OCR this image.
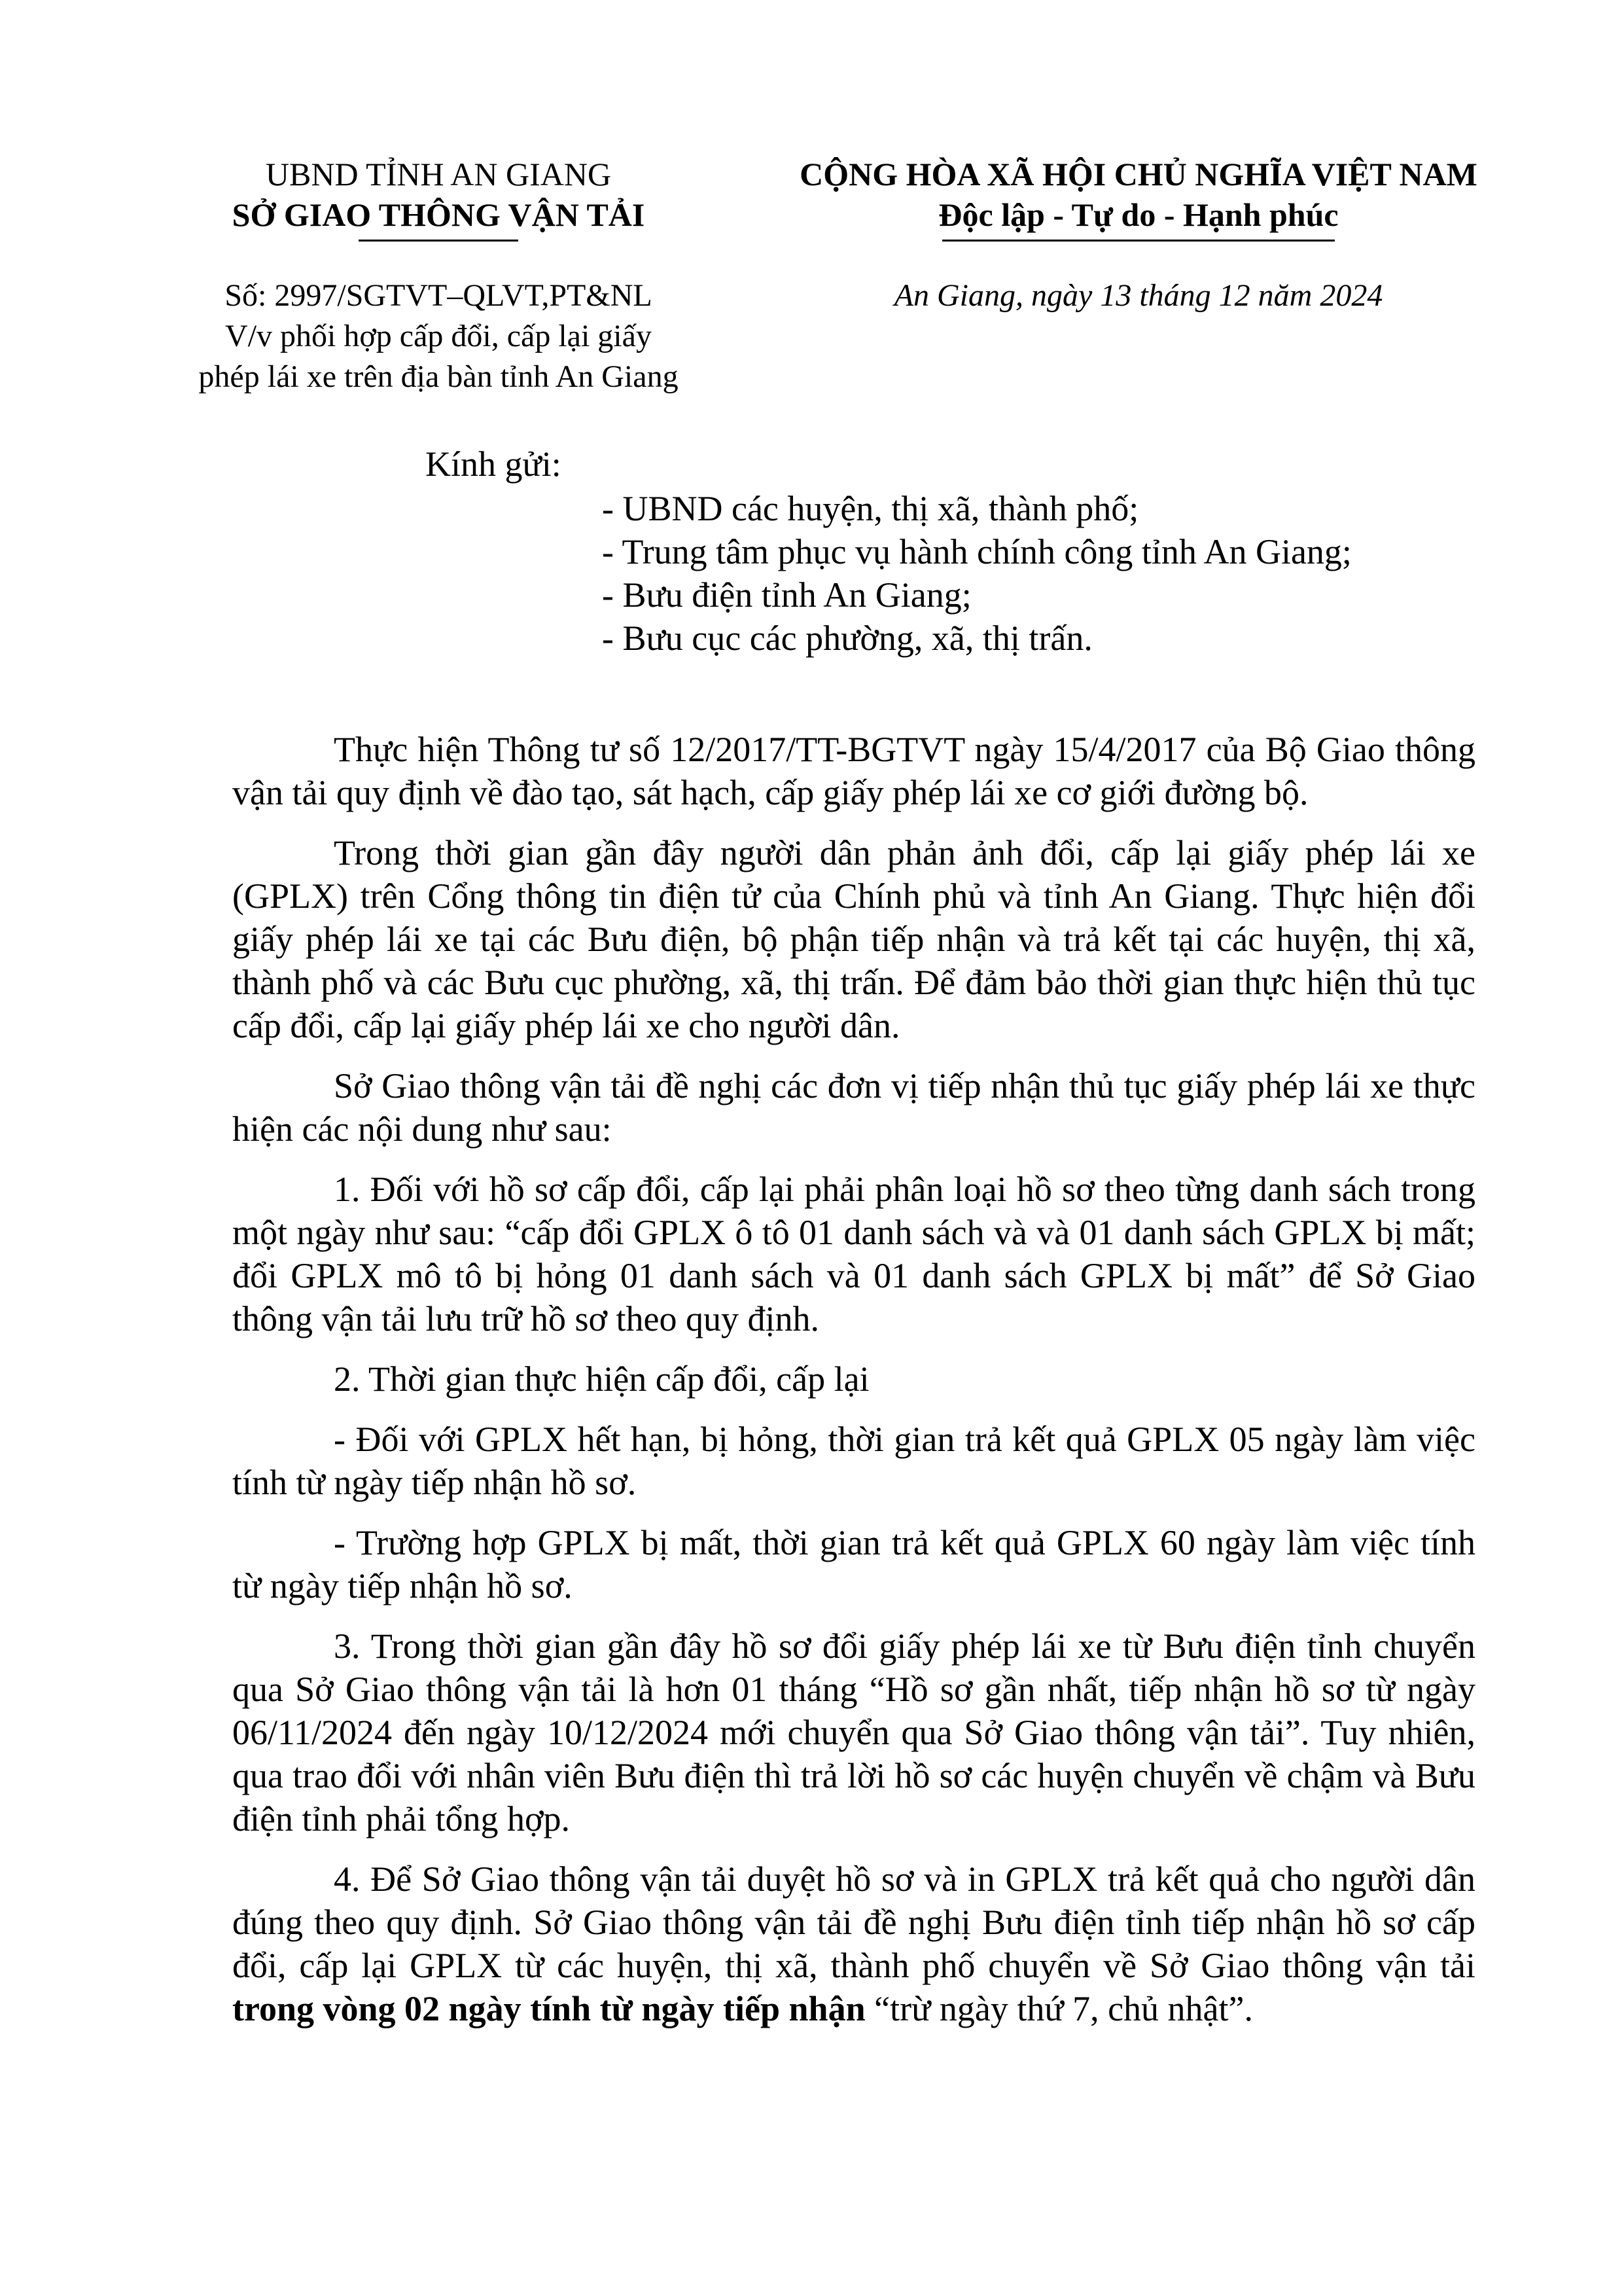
UBND TỈNH AN GIANG
SỞ GIAO THÔNG VẬN TẢI
CỘNG HÒA XÃ HỘI CHỦ NGHĨA VIỆT NAM
Độc lập - Tự do - Hạnh phúc
Số: 2997/SGTVT–QLVT,PT&NL
V/v phối hợp cấp đổi, cấp lại giấy
phép lái xe trên địa bàn tỉnh An Giang
An Giang, ngày 13 tháng 12 năm 2024
Kính gửi:
- UBND các huyện, thị xã, thành phố;
- Trung tâm phục vụ hành chính công tỉnh An Giang;
- Bưu điện tỉnh An Giang;
- Bưu cục các phường, xã, thị trấn.

Thực hiện Thông tư số 12/2017/TT-BGTVT ngày 15/4/2017 của Bộ Giao thông vận tải quy định về đào tạo, sát hạch, cấp giấy phép lái xe cơ giới đường bộ.

Trong thời gian gần đây người dân phản ảnh đổi, cấp lại giấy phép lái xe (GPLX) trên Cổng thông tin điện tử của Chính phủ và tỉnh An Giang. Thực hiện đổi giấy phép lái xe tại các Bưu điện, bộ phận tiếp nhận và trả kết tại các huyện, thị xã, thành phố và các Bưu cục phường, xã, thị trấn. Để đảm bảo thời gian thực hiện thủ tục cấp đổi, cấp lại giấy phép lái xe cho người dân.

Sở Giao thông vận tải đề nghị các đơn vị tiếp nhận thủ tục giấy phép lái xe thực hiện các nội dung như sau:

1. Đối với hồ sơ cấp đổi, cấp lại phải phân loại hồ sơ theo từng danh sách trong một ngày như sau: “cấp đổi GPLX ô tô 01 danh sách và và 01 danh sách GPLX bị mất; đổi GPLX mô tô bị hỏng 01 danh sách và 01 danh sách GPLX bị mất” để Sở Giao thông vận tải lưu trữ hồ sơ theo quy định.

2. Thời gian thực hiện cấp đổi, cấp lại

- Đối với GPLX hết hạn, bị hỏng, thời gian trả kết quả GPLX 05 ngày làm việc tính từ ngày tiếp nhận hồ sơ.

- Trường hợp GPLX bị mất, thời gian trả kết quả GPLX 60 ngày làm việc tính từ ngày tiếp nhận hồ sơ.

3. Trong thời gian gần đây hồ sơ đổi giấy phép lái xe từ Bưu điện tỉnh chuyển qua Sở Giao thông vận tải là hơn 01 tháng “Hồ sơ gần nhất, tiếp nhận hồ sơ từ ngày 06/11/2024 đến ngày 10/12/2024 mới chuyển qua Sở Giao thông vận tải”. Tuy nhiên, qua trao đổi với nhân viên Bưu điện thì trả lời hồ sơ các huyện chuyển về chậm và Bưu điện tỉnh phải tổng hợp.

4. Để Sở Giao thông vận tải duyệt hồ sơ và in GPLX trả kết quả cho người dân đúng theo quy định. Sở Giao thông vận tải đề nghị Bưu điện tỉnh tiếp nhận hồ sơ cấp đổi, cấp lại GPLX từ các huyện, thị xã, thành phố chuyển về Sở Giao thông vận tải trong vòng 02 ngày tính từ ngày tiếp nhận “trừ ngày thứ 7, chủ nhật”.
